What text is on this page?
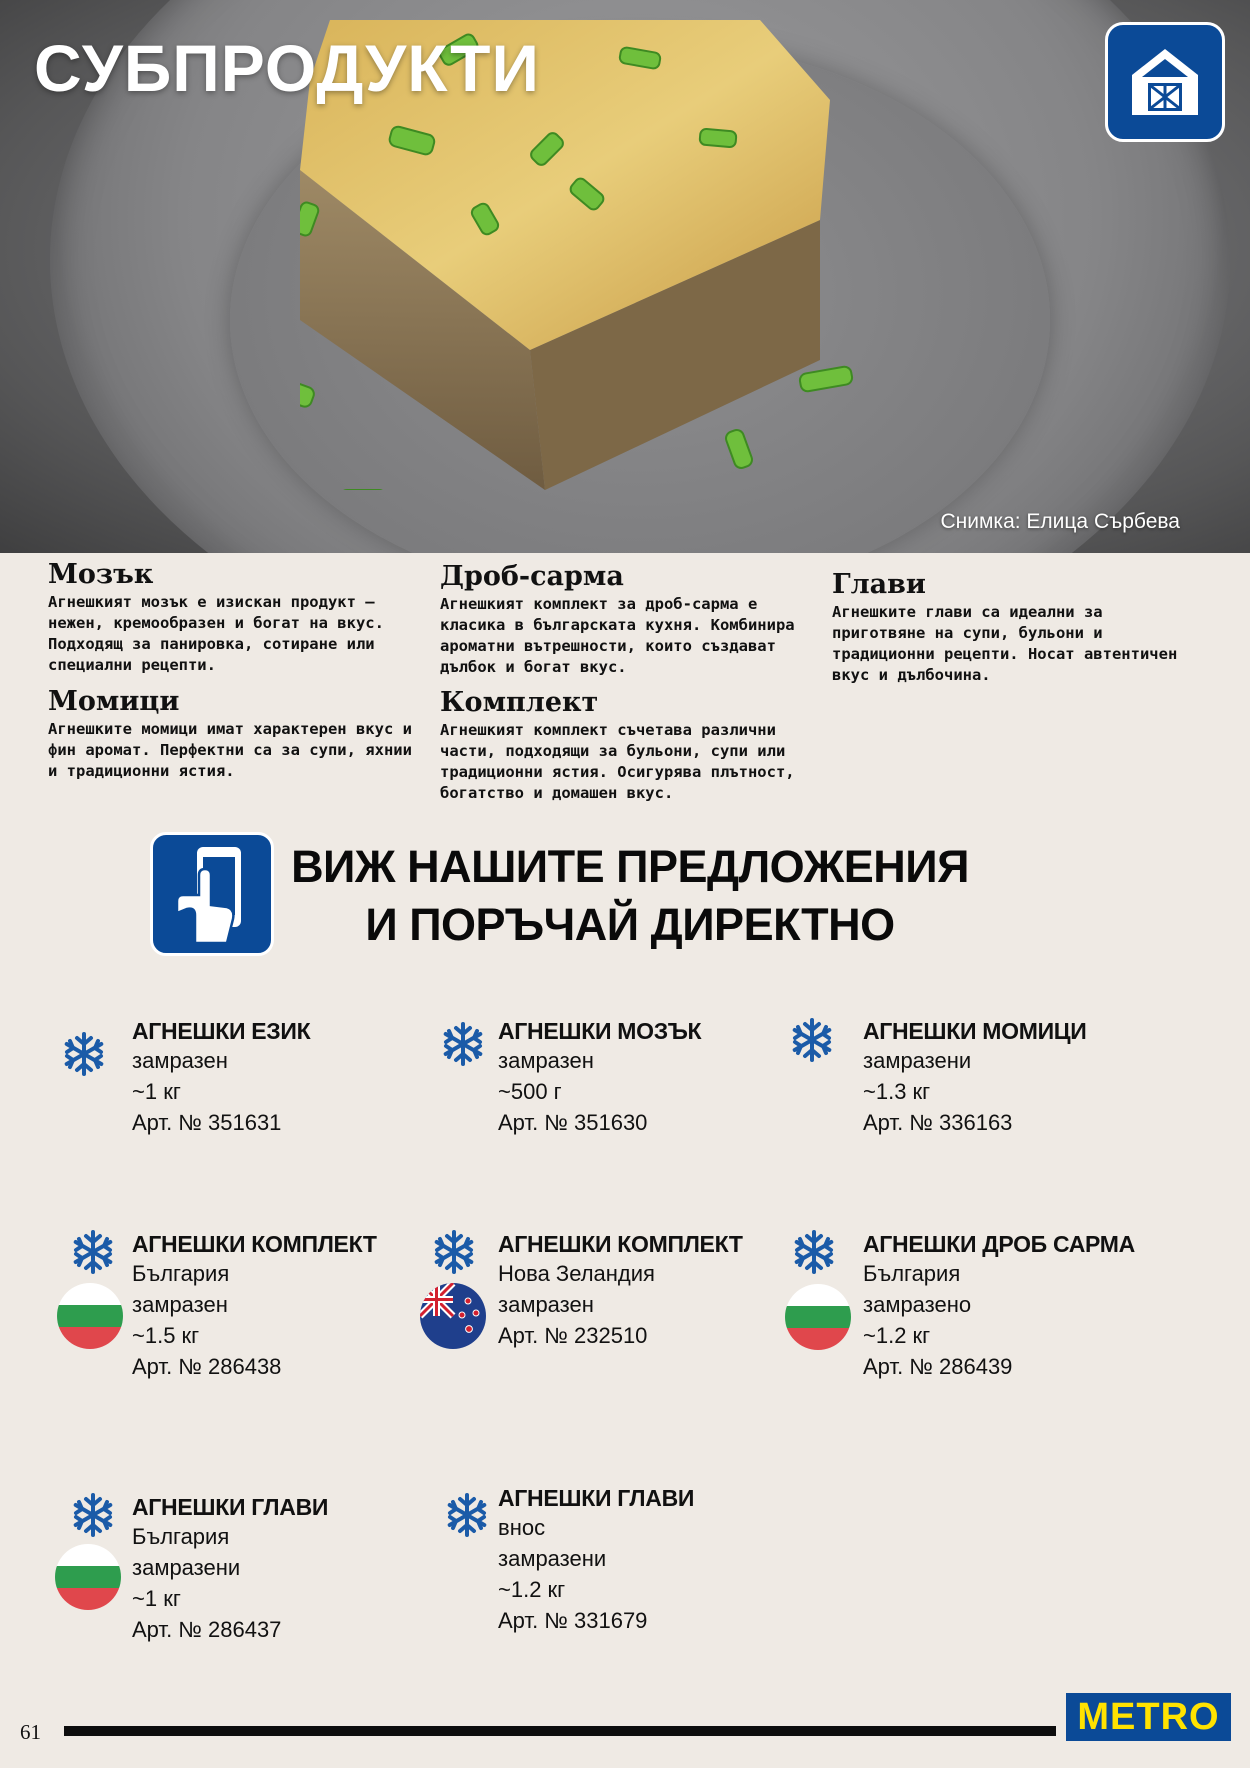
СУБПРОДУКТИ
Снимка: Елица Сърбева
Мозък

Агнешкият мозък е изискан продукт – нежен, кремообразен и богат на вкус. Подходящ за панировка, сотиране или специални рецепти.

Момици

Агнешките момици имат характерен вкус и фин аромат. Перфектни са за супи, яхнии и традиционни ястия.

Дроб-сарма

Агнешкият комплект за дроб-сарма е класика в българската кухня. Комбинира ароматни вътрешности, които създават дълбок и богат вкус.

Комплект

Агнешкият комплект съчетава различни части, подходящи за бульони, супи или традиционни ястия. Осигурява плътност, богатство и домашен вкус.

Глави

Агнешките глави са идеални за приготвяне на супи, бульони и традиционни рецепти. Носат автентичен вкус и дълбочина.

ВИЖ НАШИТЕ ПРЕДЛОЖЕНИЯ
И ПОРЪЧАЙ ДИРЕКТНО
АГНЕШКИ ЕЗИК
замразен
~1 кг
Арт. № 351631
АГНЕШКИ МОЗЪК
замразен
~500 г
Арт. № 351630
АГНЕШКИ МОМИЦИ
замразени
~1.3 кг
Арт. № 336163
АГНЕШКИ КОМПЛЕКТ
България
замразен
~1.5 кг
Арт. № 286438
АГНЕШКИ КОМПЛЕКТ
Нова Зеландия
замразен
Арт. № 232510
АГНЕШКИ ДРОБ САРМА
България
замразено
~1.2 кг
Арт. № 286439
АГНЕШКИ ГЛАВИ
България
замразени
~1 кг
Арт. № 286437
АГНЕШКИ ГЛАВИ
внос
замразени
~1.2 кг
Арт. № 331679
61	METRO
